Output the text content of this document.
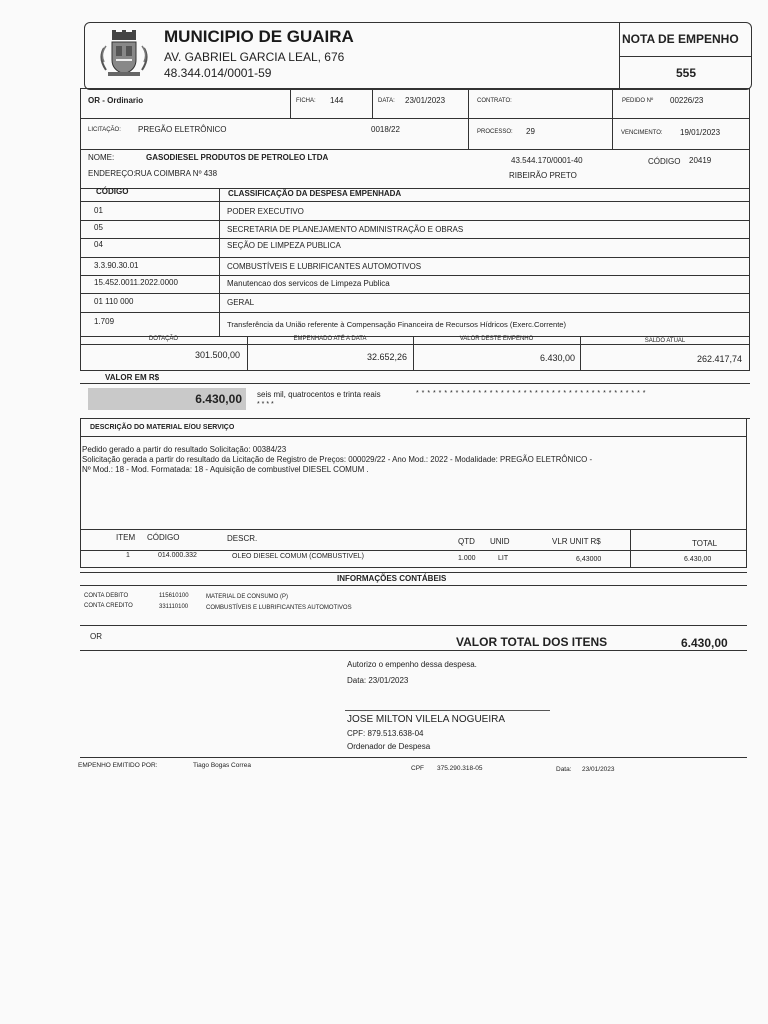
MUNICIPIO DE GUAIRA
AV. GABRIEL GARCIA LEAL, 676
48.344.014/0001-59
NOTA DE EMPENHO
555
OR - Ordinario	FICHA: 144	DATA: 23/01/2023	CONTRATO:	PEDIDO Nº 00226/23
LICITAÇÃO: PREGÃO ELETRÔNICO	0018/22	PROCESSO: 29	VENCIMENTO: 19/01/2023
NOME:	GASODIESEL PRODUTOS DE PETROLEO LTDA	43.544.170/0001-40	CÓDIGO 20419
ENDEREÇO: RUA COIMBRA Nº 438	RIBEIRÃO PRETO
CÓDIGO	CLASSIFICAÇÃO DA DESPESA EMPENHADA
01	PODER EXECUTIVO
05	SECRETARIA DE PLANEJAMENTO ADMINISTRAÇÃO E OBRAS
04	SEÇÃO DE LIMPEZA PUBLICA
3.3.90.30.01	COMBUSTÍVEIS E LUBRIFICANTES AUTOMOTIVOS
15.452.0011.2022.0000	Manutencao dos servicos de Limpeza Publica
01 110 000	GERAL
1.709	Transferência da União referente à Compensação Financeira de Recursos Hídricos (Exerc.Corrente)
DOTAÇÃO	EMPENHADO ATÉ A DATA	VALOR DESTE EMPENHO	SALDO ATUAL
301.500,00	32.652,26	6.430,00	262.417,74
VALOR EM R$
6.430,00 seis mil, quatrocentos e trinta reais	* * * * * * * * * * * * * * * * * * * * * * * * * * * * * * * * * * * * * * * * *
* * * *
DESCRIÇÃO DO MATERIAL E/OU SERVIÇO
Pedido gerado a partir do resultado Solicitação: 00384/23
Solicitação gerada a partir do resultado da Licitação de Registro de Preços: 000029/22 - Ano Mod.: 2022 - Modalidade: PREGÃO ELETRÔNICO -
Nº Mod.: 18 - Mod. Formatada: 18 - Aquisição de combustível DIESEL COMUM .
ITEM CÓDIGO	DESCR.	QTD UNID	VLR UNIT R$	TOTAL
1	014.000.332	OLEO DIESEL COMUM (COMBUSTIVEL)	1.000	LIT	6,43000	6.430,00
INFORMAÇÕES CONTÁBEIS
CONTA DEBITO	115610100	MATERIAL DE CONSUMO (P)
CONTA CREDITO	331110100	COMBUSTÍVEIS E LUBRIFICANTES AUTOMOTIVOS
OR	VALOR TOTAL DOS ITENS	6.430,00
Autorizo o empenho dessa despesa.
Data: 23/01/2023
JOSE MILTON VILELA NOGUEIRA
CPF: 879.513.638-04
Ordenador de Despesa
EMPENHO EMITIDO POR:	Tiago Bogas Correa	CPF 375.290.318-05	Data: 23/01/2023
